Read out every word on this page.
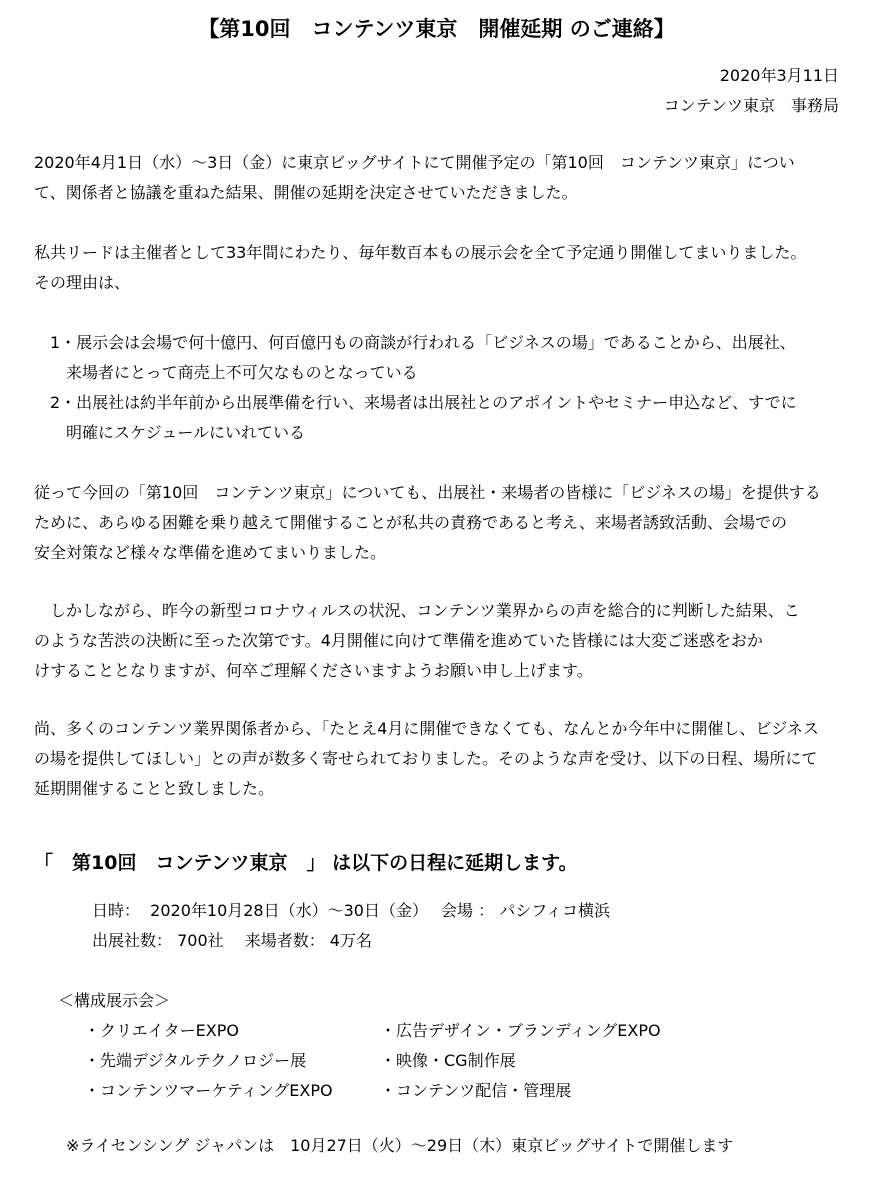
【第10回　コンテンツ東京　開催延期 のご連絡】
2020年3月11日
コンテンツ東京　事務局
2020年4月1日（水）～3日（金）に東京ビッグサイトにて開催予定の「第10回　コンテンツ東京」につい
て、関係者と協議を重ねた結果、開催の延期を決定させていただきました。
私共リードは主催者として33年間にわたり、毎年数百本もの展示会を全て予定通り開催してまいりました。
その理由は、
1・展示会は会場で何十億円、何百億円もの商談が行われる「ビジネスの場」であることから、出展社、
　来場者にとって商売上不可欠なものとなっている
2・出展社は約半年前から出展準備を行い、来場者は出展社とのアポイントやセミナー申込など、すでに
　明確にスケジュールにいれている
従って今回の「第10回　コンテンツ東京」についても、出展社・来場者の皆様に「ビジネスの場」を提供する
ために、あらゆる困難を乗り越えて開催することが私共の責務であると考え、来場者誘致活動、会場での
安全対策など様々な準備を進めてまいりました。
　しかしながら、昨今の新型コロナウィルスの状況、コンテンツ業界からの声を総合的に判断した結果、こ
のような苦渋の決断に至った次第です。4月開催に向けて準備を進めていた皆様には大変ご迷惑をおか
けすることとなりますが、何卒ご理解くださいますようお願い申し上げます。
尚、多くのコンテンツ業界関係者から、「たとえ4月に開催できなくても、なんとか今年中に開催し、ビジネス
の場を提供してほしい」との声が数多く寄せられておりました。そのような声を受け、以下の日程、場所にて
延期開催することと致しました。
「　第10回　コンテンツ東京　」 は以下の日程に延期します。
日時：  2020年10月28日（水）～30日（金）　 会場 ： パシフィコ横浜
出展社数： 700社　 来場者数： 4万名
＜構成展示会＞
・クリエイターEXPO
・先端デジタルテクノロジー展
・コンテンツマーケティングEXPO
・広告デザイン・ブランディングEXPO
・映像・CG制作展
・コンテンツ配信・管理展
※ライセンシング ジャパンは　10月27日（火）～29日（木）東京ビッグサイトで開催します
